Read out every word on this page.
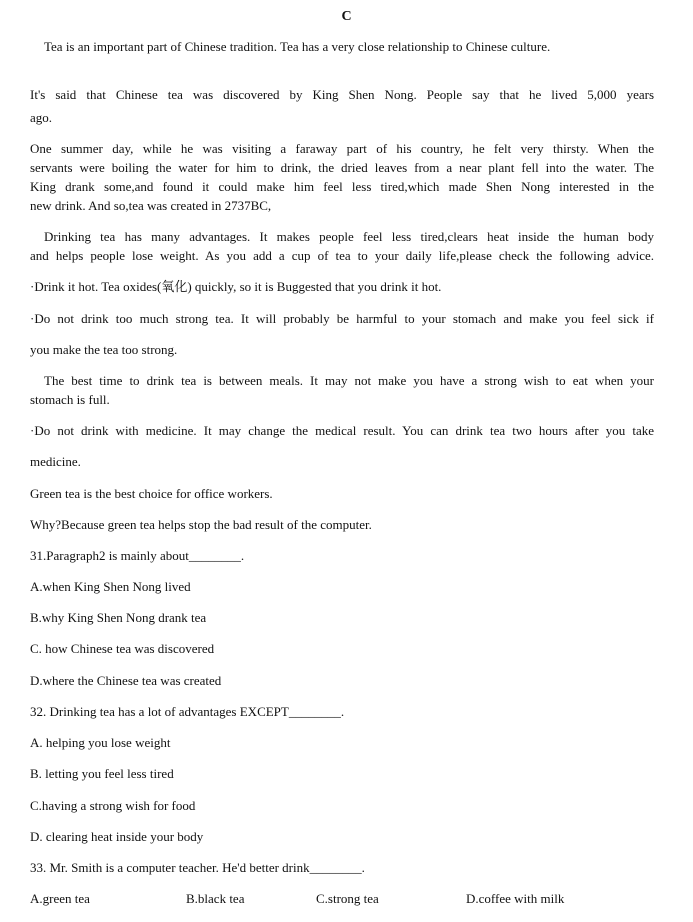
C
Tea is an important part of Chinese tradition. Tea has a very close relationship to Chinese culture.
It's said that Chinese tea was discovered by King Shen Nong. People say that he lived 5,000 years
ago.
One summer day, while he was visiting a faraway part of his country, he felt very thirsty. When the
servants were boiling the water for him to drink, the dried leaves from a near plant fell into the water. The
King drank some,and found it could make him feel less tired,which made Shen Nong interested in the
new drink. And so,tea was created in 2737BC,
Drinking tea has many advantages. It makes people feel less tired,clears heat inside the human body
and helps people lose weight. As you add a cup of tea to your daily life,please check the following advice.
·Drink it hot. Tea oxides(氧化) quickly, so it is Buggested that you drink it hot.
·Do not drink too much strong tea. It will probably be harmful to your stomach and make you feel sick if
you make the tea too strong.
The best time to drink tea is between meals. It may not make you have a strong wish to eat when your
stomach is full.
·Do not drink with medicine. It may change the medical result. You can drink tea two hours after you take
medicine.
Green tea is the best choice for office workers.
Why?Because green tea helps stop the bad result of the computer.
31.Paragraph2 is mainly about________.
A.when King Shen Nong lived
B.why King Shen Nong drank tea
C. how Chinese tea was discovered
D.where the Chinese tea was created
32. Drinking tea has a lot of advantages EXCEPT________.
A. helping you lose weight
B. letting you feel less tired
C.having a strong wish for food
D. clearing heat inside your body
33. Mr. Smith is a computer teacher. He'd better drink________.
A.green tea	B.black tea	C.strong tea	D.coffee with milk
